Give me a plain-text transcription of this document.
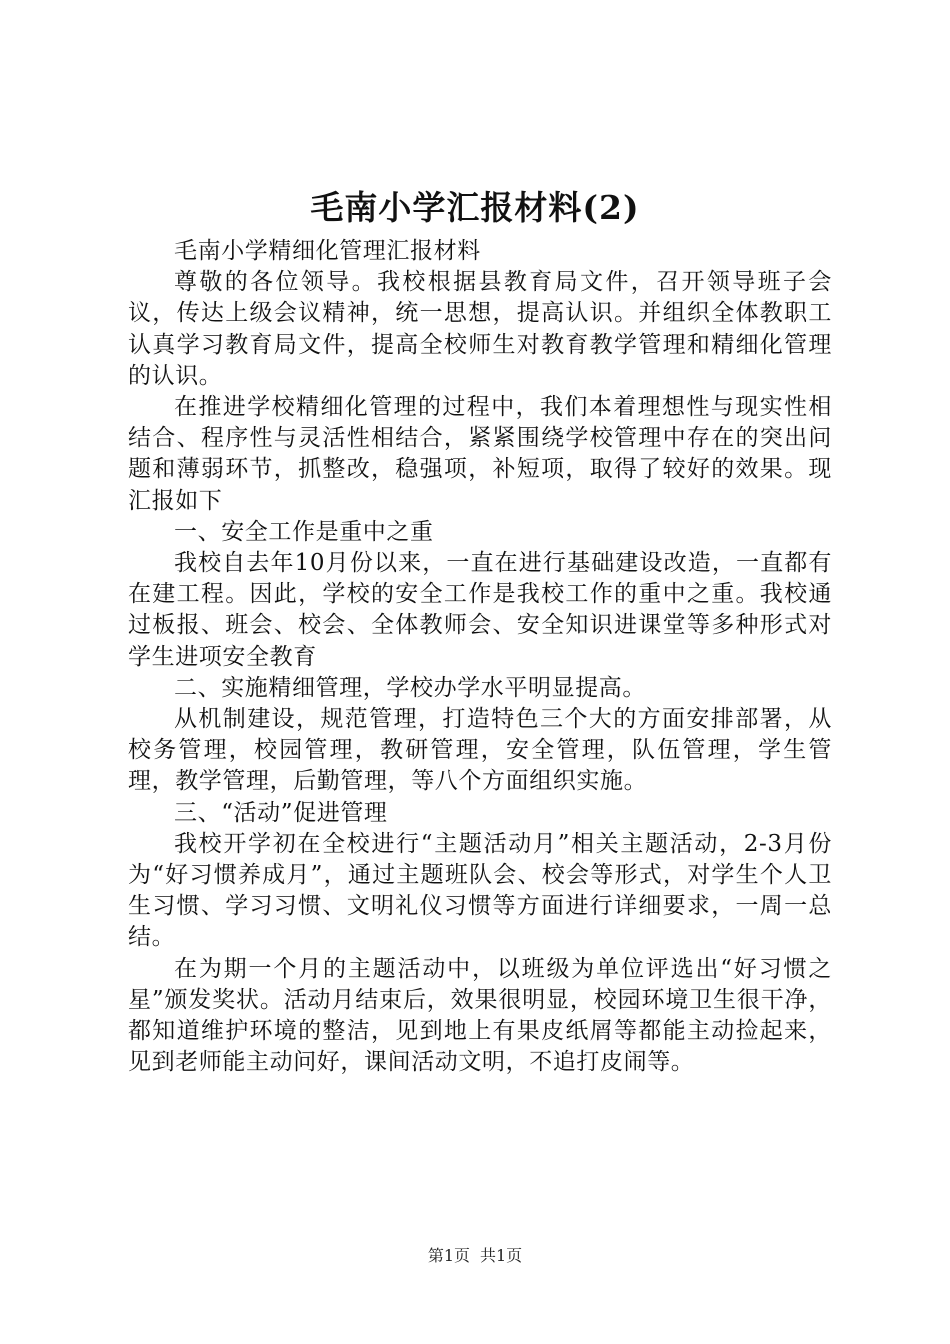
毛南小学汇报材料(2)

毛南小学精细化管理汇报材料

尊敬的各位领导。我校根据县教育局文件，召开领导班子会议，传达上级会议精神，统一思想，提高认识。并组织全体教职工认真学习教育局文件，提高全校师生对教育教学管理和精细化管理的认识。

在推进学校精细化管理的过程中，我们本着理想性与现实性相结合、程序性与灵活性相结合，紧紧围绕学校管理中存在的突出问题和薄弱环节，抓整改，稳强项，补短项，取得了较好的效果。现汇报如下

一、安全工作是重中之重

我校自去年10月份以来，一直在进行基础建设改造，一直都有在建工程。因此，学校的安全工作是我校工作的重中之重。我校通过板报、班会、校会、全体教师会、安全知识进课堂等多种形式对学生进项安全教育

二、实施精细管理，学校办学水平明显提高。

从机制建设，规范管理，打造特色三个大的方面安排部署，从校务管理，校园管理，教研管理，安全管理，队伍管理，学生管理，教学管理，后勤管理，等八个方面组织实施。

三、“活动”促进管理

我校开学初在全校进行“主题活动月”相关主题活动，2-3月份为“好习惯养成月”，通过主题班队会、校会等形式，对学生个人卫生习惯、学习习惯、文明礼仪习惯等方面进行详细要求，一周一总结。

在为期一个月的主题活动中，以班级为单位评选出“好习惯之星”颁发奖状。活动月结束后，效果很明显，校园环境卫生很干净，都知道维护环境的整洁，见到地上有果皮纸屑等都能主动捡起来，见到老师能主动问好，课间活动文明，不追打皮闹等。

第1页 共1页
